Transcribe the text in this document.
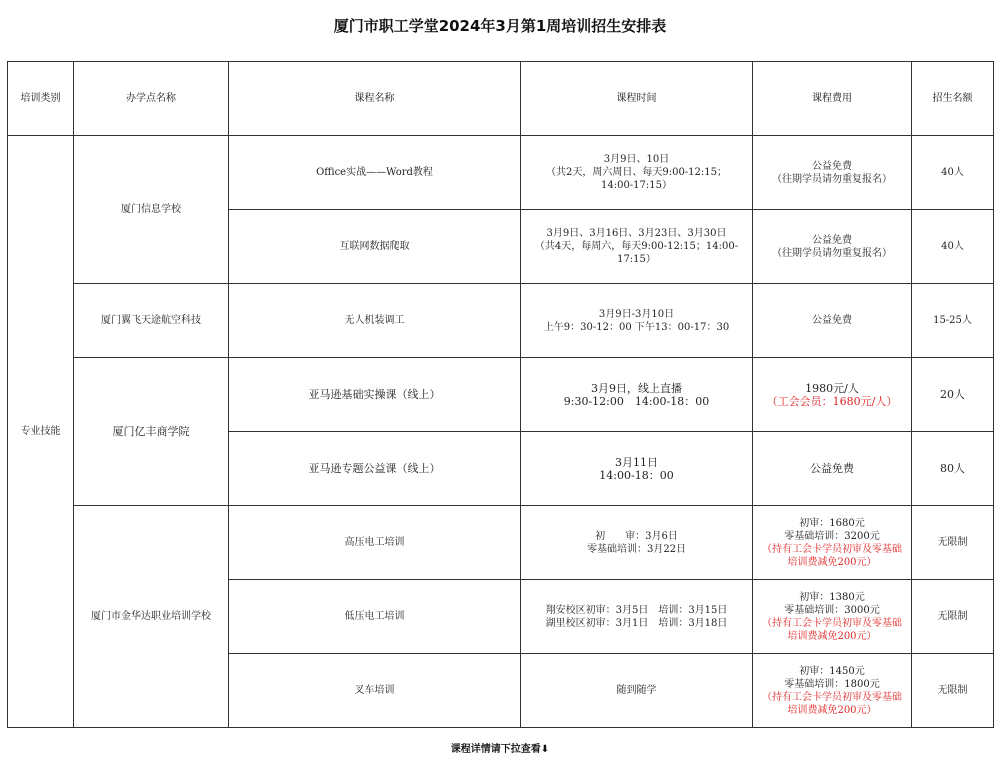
厦门市职工学堂2024年3月第1周培训招生安排表
培训类别	办学点名称	课程名称	课程时间	课程费用	招生名额
专业技能	厦门信息学校	Office实战——Word教程	3月9日、10日
（共2天，周六周日、每天9:00-12:15；
14:00-17:15）	公益免费
（往期学员请勿重复报名）	40人
		互联网数据爬取	3月9日、3月16日、3月23日、3月30日
（共4天，每周六，每天9:00-12:15；14:00-
17:15）	公益免费
（往期学员请勿重复报名）	40人
	厦门翼飞天途航空科技	无人机装调工	3月9日-3月10日
上午9：30-12：00 下午13：00-17：30	公益免费	15-25人
	厦门亿丰商学院	亚马逊基础实操课（线上）	3月9日，线上直播
9:30-12:00　14:00-18：00	1980元/人
（工会会员：1680元/人）	20人
		亚马逊专题公益课（线上）	3月11日
14:00-18：00	公益免费	80人
	厦门市金华达职业培训学校	高压电工培训	初　　审：3月6日
零基础培训：3月22日	初审：1680元
零基础培训：3200元
（持有工会卡学员初审及零基础
培训费减免200元）	无限制
		低压电工培训	翔安校区初审：3月5日　培训：3月15日
湖里校区初审：3月1日　培训：3月18日	初审：1380元
零基础培训：3000元
（持有工会卡学员初审及零基础
培训费减免200元）	无限制
		叉车培训	随到随学	初审：1450元
零基础培训：1800元
（持有工会卡学员初审及零基础
培训费减免200元）	无限制
课程详情请下拉查看⬇
